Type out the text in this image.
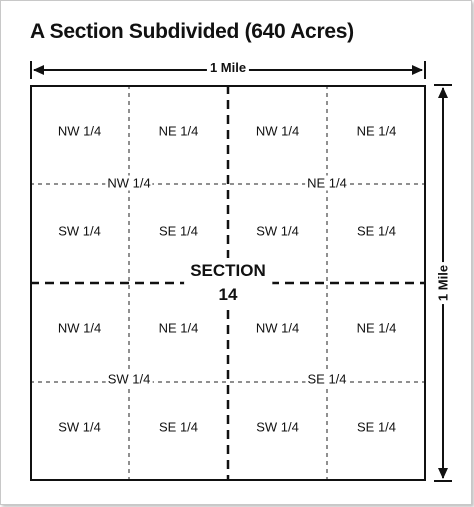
A Section Subdivided (640 Acres)
1 Mile
1 Mile
NW 1/4	NE 1/4
SW 1/4	SE 1/4
NW 1/4
NW 1/4	NE 1/4
SW 1/4	SE 1/4
NE 1/4
NW 1/4	NE 1/4
SW 1/4	SE 1/4
SW 1/4
NW 1/4	NE 1/4
SW 1/4	SE 1/4
SE 1/4
SECTION
14
